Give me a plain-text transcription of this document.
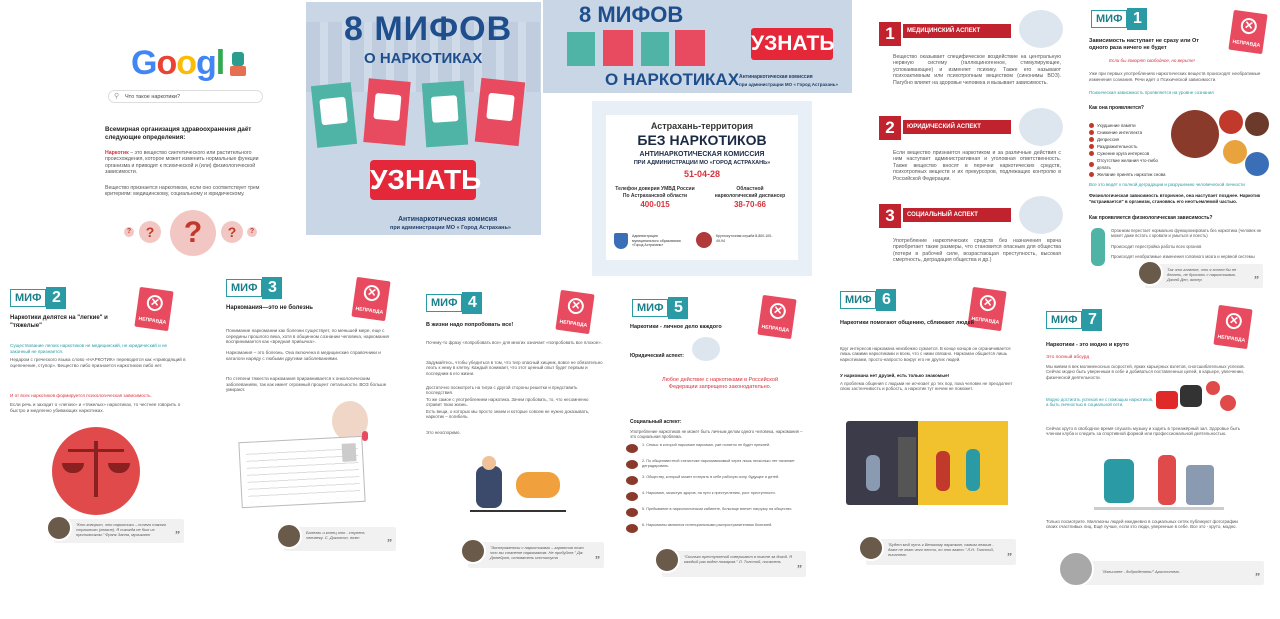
Googl
⚲ Что такое наркотики?
Всемирная организация здравоохранения даёт следующие определения:
Наркотик – это вещество синтетического или растительного происхождения, которое может изменить нормальные функции организма и приводит к психической и (или) физиологической зависимости.
Вещество признается наркотиком, если оно соответствует трем критериям: медицинскому, социальному и юридическому.
?	? ?	?	?
8 МИФОВ
О НАРКОТИКАХ
УЗНАТЬ
Антинаркотическая комисия
при администрации МО « Город Астрахань»
8 МИФОВ
О НАРКОТИКАХ
УЗНАТЬ
Антинаркотическая комиссия
при администрации МО « Город Астрахань»
Астрахань-территория
БЕЗ НАРКОТИКОВ
АНТИНАРКОТИЧЕСКАЯ КОМИССИЯ
ПРИ АДМИНИСТРАЦИИ МО «ГОРОД АСТРАХАНЬ»
51-04-28
Телефон доверия УМВД России
По Астраханской области
400-015
Областной
наркологический диспансер
38-70-66
Администрация муниципального образования «Город Астрахань»
Круглосуточная служба 8-800-100-49-94
1	МЕДИЦИНСКИЙ АСПЕКТ
Вещество оказывает специфическое воздействие на центральную нервную систему (галлюциногенное, стимулирующее, успокаивающее) и изменяет психику. Также его называют психоактивным или психотропным веществом (синонимы ВОЗ). Пагубно влияет на здоровье человека и вызывает зависимость.
2	ЮРИДИЧЕСКИЙ АСПЕКТ
Если вещество признается наркотиком и за различные действия с ним наступает административная и уголовная ответственность. Также вещество вносят в перечни наркотических средств, психотропных веществ и их прекурсоров, подлежащих контролю в Российской Федерации.
3	СОЦИАЛЬНЫЙ АСПЕКТ
Употребление наркотических средств без назначения врача приобретает такие размеры, что становится опасным для общества (потери в рабочей силе, возрастающая преступность, высокая смертность, деградация общества и др.)
МИФ 1	✕
НЕПРАВДА
Зависимость наступает не сразу или От одного раза ничего не будет
Если бы говорят свободное, но верьте!
Уже при первых употреблениях наркотических веществ происходят необратимые изменения сознания. Речи идет о Психической зависимости.
Психическая зависимость проявляется на уровне сознания
Как она проявляется?
Ухудшение памяти
Снижение интеллекта
Депрессия
Раздражительность
Сужение круга интересов
Отсутствие желания что-либо делать
Желание принять наркотик снова
Все это ведёт к полной деградации и разрушению человеческой личности
Физиологическая зависимость вторичное, она наступает позднее. Наркотик "встраивается" в организм, становясь его неотъемлемой частью.
Как проявляется физиологическая зависимость?
Организм перестает нормально функционировать без наркотика (человек не может даже встать с кровати и умыться и поесть)
Происходит перестройка работы всех органов
Происходят необратимые изменения головного мозга и нервной системы
Так что главное, что я хотел бы не делать, не бросать с наркотиками. Джонй Деп, актер	”
МИФ 2	✕
НЕПРАВДА
Наркотики делятся на "легкие" и "тяжелые"
Существование легких наркотиков не медицинский, не юридический и не законный не признается.
Недаром с греческого языка слово «НАРКОТИК» переводится как «приводящий в оцепенение, ступор». Вещество либо признается наркотиком либо нет.
И от всех наркотиков формируется психологическая зависимость.
Если речь и заходит о «легких» и «тяжелых» наркотиках, то честнее говорить о быстро и медленно убивающих наркотиках.
"Кто говорит, что наркотики – ничего такого страшного (легкие). Я никогда не был их противником." Фрэнк Заппа, музыкант	”
МИФ 3	✕
НЕПРАВДА
Наркомания—это не болезнь
Понимание наркомании как болезни существует, по меньшей мере, еще с середины прошлого века, хотя в общинном сознании человека, наркомания воспринимается как «вредная привычка».
Наркомания – это болезнь. Она включена в медицинские справочники и каталоги наряду с любыми другими заболеваниями.
По степени тяжести наркомания приравнивается к онкологическим заболеваниям, так как имеет огромный процент летальности. ВОЗ больше умирают.
Болезнь и конец это - ступень человеку. С. Дикинсон, поэт
”
МИФ 4	✕
НЕПРАВДА
В жизни надо попробовать все!
Почему-то фразу «попробовать все» для многих означает «попробовать все плохое».
Задумайтесь, чтобы убедиться в том, что тигр опасный хищник, вовсе не обязательно лезть к нему в клетку. Каждый понимает, что этот ценный опыт будет первым и последним в его жизни.
Достаточно посмотреть на тигра с другой стороны решетки и представить последствия.
То же самое с употреблением наркотика. Зачем пробовать, то, что несомненно отравит твою жизнь.
Есть вещи, о которых мы просто знаем и которые совсем не нужно доказывать, наркотик – погибель.
Это неоспоримо.
"Эксперименты с наркотиками – гарантия того что вы станете наркоманом. Не пробуйте." Дж. Дюпейрон, основатель института	”
МИФ 5	✕
НЕПРАВДА
Наркотики - личное дело каждого
Юридический аспект:
Любое действие с наркотиками в Российской Федерации запрещено законодательно.
Социальный аспект:
Употребление наркотиков не может быть личным делом одного человека, наркомания – это социальная проблема.
1. Семья: в которой наркоман наркоман, уже понятно не будет прежней.
2. По общеизвестной статистике наркозависимый через лишь несколько лет начинает деградировать.
3. Обществу, который может потерять в себе рабочую силу, будущее и детей.
4. Наркоман, зачастую здоров, на пути к преступлению, рост преступности.
5. Пребывание в наркологическом кабинете, больнице влечет нагрузку на общество.
6. Наркоманы являются потенциальными распространителями болезней.
"Сколько преступлений совершают в погоне за дозой. Я каждый раз видел пожаром." Л. Толстой, писатель
”
МИФ 6	✕
НЕПРАВДА
Наркотики помогают общению, сближают людей
Круг интересов наркомана неизбежно сужается. В конце концов он ограничивается лишь самими наркотиками и всем, что с ними связано. Наркоман общается лишь наркотиками, просто-напросто вокруг его не других людей.
У наркомана нет друзей, есть только знакомые!
А проблема общения с людьми не исчезает до тех пор, пока человек не преодолеет свою застенчивость и робость, а наркотик тут ничем не поможет.
"Будет мой путь к Великому наркоман, самым легким - даже не знаю чего нести, но это важно." Л.Н. Толстой, писатель	”
МИФ 7	✕
НЕПРАВДА
Наркотики - это модно и круто
Это полный абсурд
Мы живем в век молниеносных скоростей, ярких карьерных взлетов, сногсшибательных успехов. Сейчас модно быть уверенным в себе и добиваться поставленных целей, в карьере, увлечении, физической деятельности.
Модно достигать успехов не с помощью наркотиков, а быть личностью в социальной сети.
Сейчас круто в свободное время слушать музыку и ходить в тренажёрный зал. Здоровье быть членом клуба и следить за спортивной формой или профессиональной деятельностью.
Только посмотрите. Миллионы людей ежедневно в социальных сетях публикуют фотографии своих счастливых лиц. Ещё лучше, если это люди, уверенные в себе. Все это - круто, модно.
"Излишнее - добродетель!" Аристотель
”
